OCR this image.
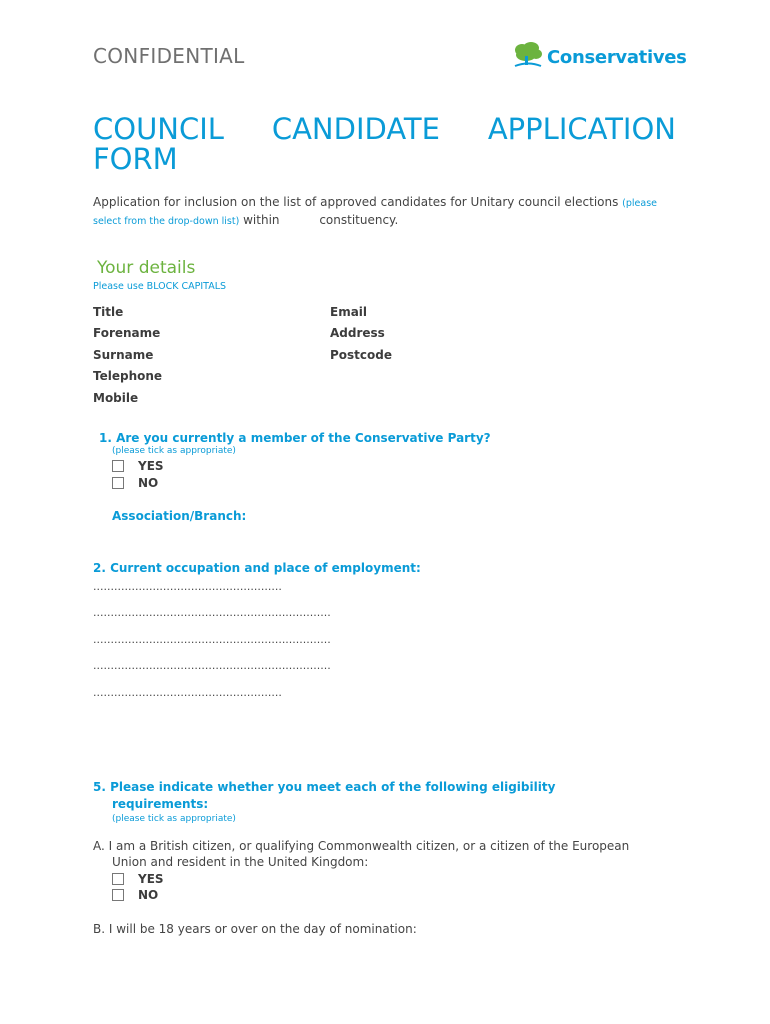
CONFIDENTIAL	Conservatives
COUNCIL CANDIDATE APPLICATION
FORM
Application for inclusion on the list of approved candidates for Unitary council elections (please
select from the drop-down list) within	constituency.
Your details
Please use BLOCK CAPITALS
Title
Forename
Surname
Telephone
Mobile
Email
Address
Postcode
1. Are you currently a member of the Conservative Party?
(please tick as appropriate)
YES
NO
Association/Branch:
2. Current occupation and place of employment:
......................................................
....................................................................
....................................................................
....................................................................
......................................................
5. Please indicate whether you meet each of the following eligibility
requirements:
(please tick as appropriate)
A. I am a British citizen, or qualifying Commonwealth citizen, or a citizen of the European
Union and resident in the United Kingdom:
YES
NO
B. I will be 18 years or over on the day of nomination:
